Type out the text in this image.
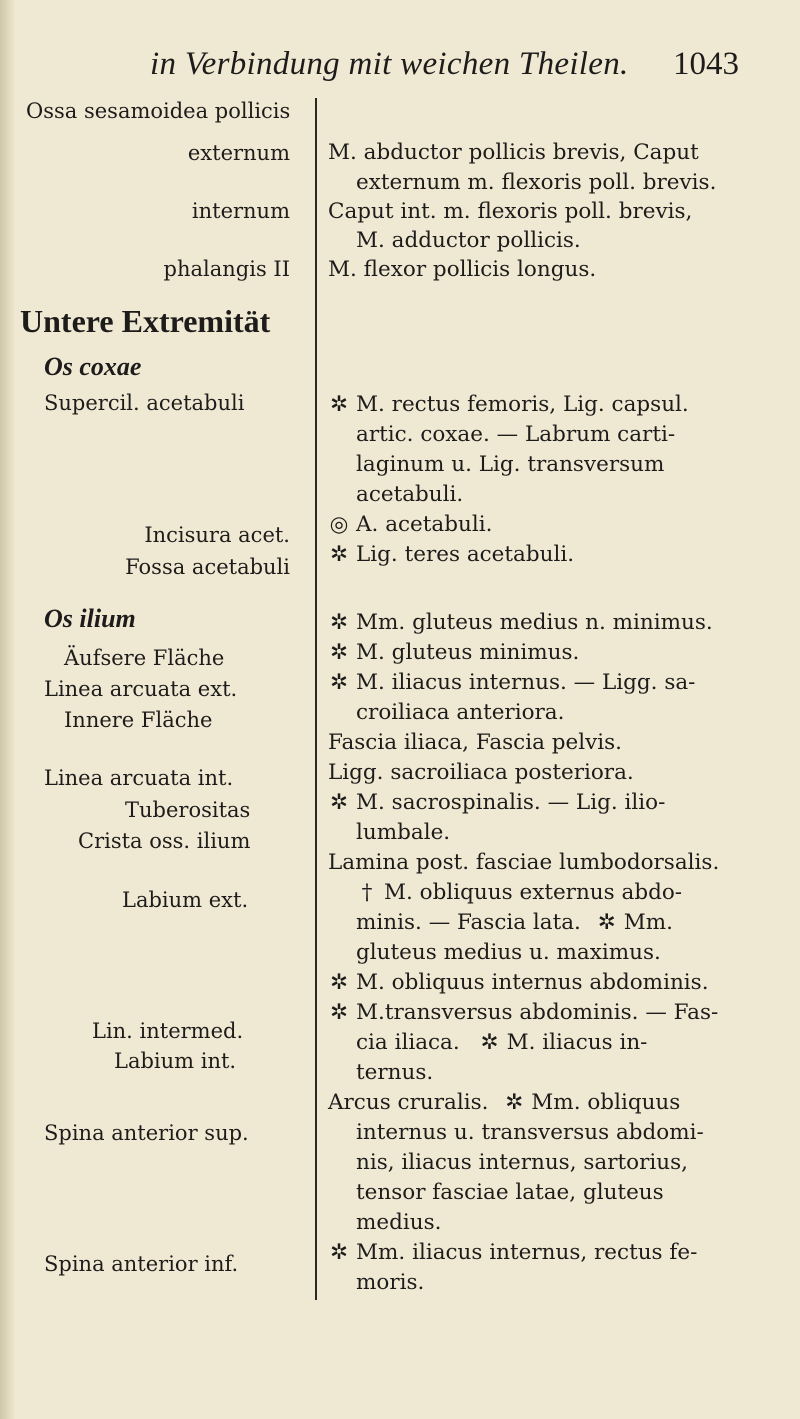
in Verbindung mit weichen Theilen. 1043
Ossa sesamoidea pollicis
externum
internum
phalangis II
Untere Extremität
Os coxae
Supercil. acetabuli
Incisura acet.
Fossa acetabuli
Os ilium
Äufsere Fläche
Linea arcuata ext.
Innere Fläche
Linea arcuata int.
Tuberositas
Crista oss. ilium
Labium ext.
Lin. intermed.
Labium int.
Spina anterior sup.
Spina anterior inf.
M. abductor pollicis brevis, Caput
externum m. flexoris poll. brevis.
Caput int. m. flexoris poll. brevis,
M. adductor pollicis.
M. flexor pollicis longus.
✲ M. rectus femoris, Lig. capsul.
artic. coxae. — Labrum carti-
laginum u. Lig. transversum
acetabuli.
◎ A. acetabuli.
✲ Lig. teres acetabuli.
✲ Mm. gluteus medius n. minimus.
✲ M. gluteus minimus.
✲ M. iliacus internus. — Ligg. sa-
croiliaca anteriora.
Fascia iliaca, Fascia pelvis.
Ligg. sacroiliaca posteriora.
✲ M. sacrospinalis. — Lig. ilio-
lumbale.
Lamina post. fasciae lumbodorsalis.
† M. obliquus externus abdo-
minis. — Fascia lata. ✲ Mm.
gluteus medius u. maximus.
✲ M. obliquus internus abdominis.
✲ M.transversus abdominis. — Fas-
cia iliaca. ✲ M. iliacus in-
ternus.
Arcus cruralis. ✲ Mm. obliquus
internus u. transversus abdomi-
nis, iliacus internus, sartorius,
tensor fasciae latae, gluteus
medius.
✲ Mm. iliacus internus, rectus fe-
moris.
